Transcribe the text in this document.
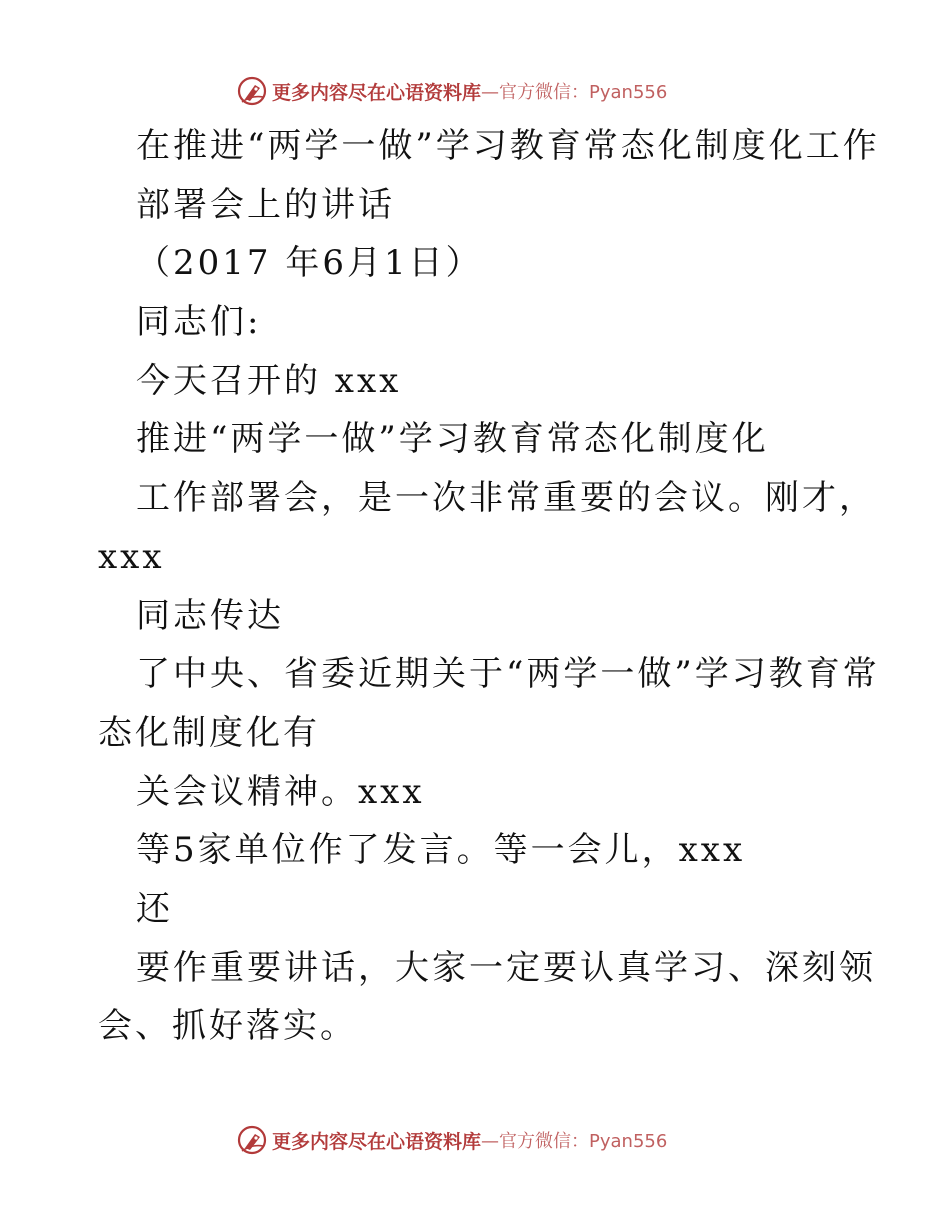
更多内容尽在心语资料库 —官方微信：Pyan556
在推进“两学一做”学习教育常态化制度化工作
部署会上的讲话
（2017 年6月1日）
同志们:
今天召开的 xxx
推进“两学一做”学习教育常态化制度化
工作部署会，是一次非常重要的会议。刚才，
xxx
同志传达
了中央、省委近期关于“两学一做”学习教育常
态化制度化有
关会议精神。xxx
等5家单位作了发言。等一会儿，xxx
还
要作重要讲话，大家一定要认真学习、深刻领
会、抓好落实。
更多内容尽在心语资料库 —官方微信：Pyan556
